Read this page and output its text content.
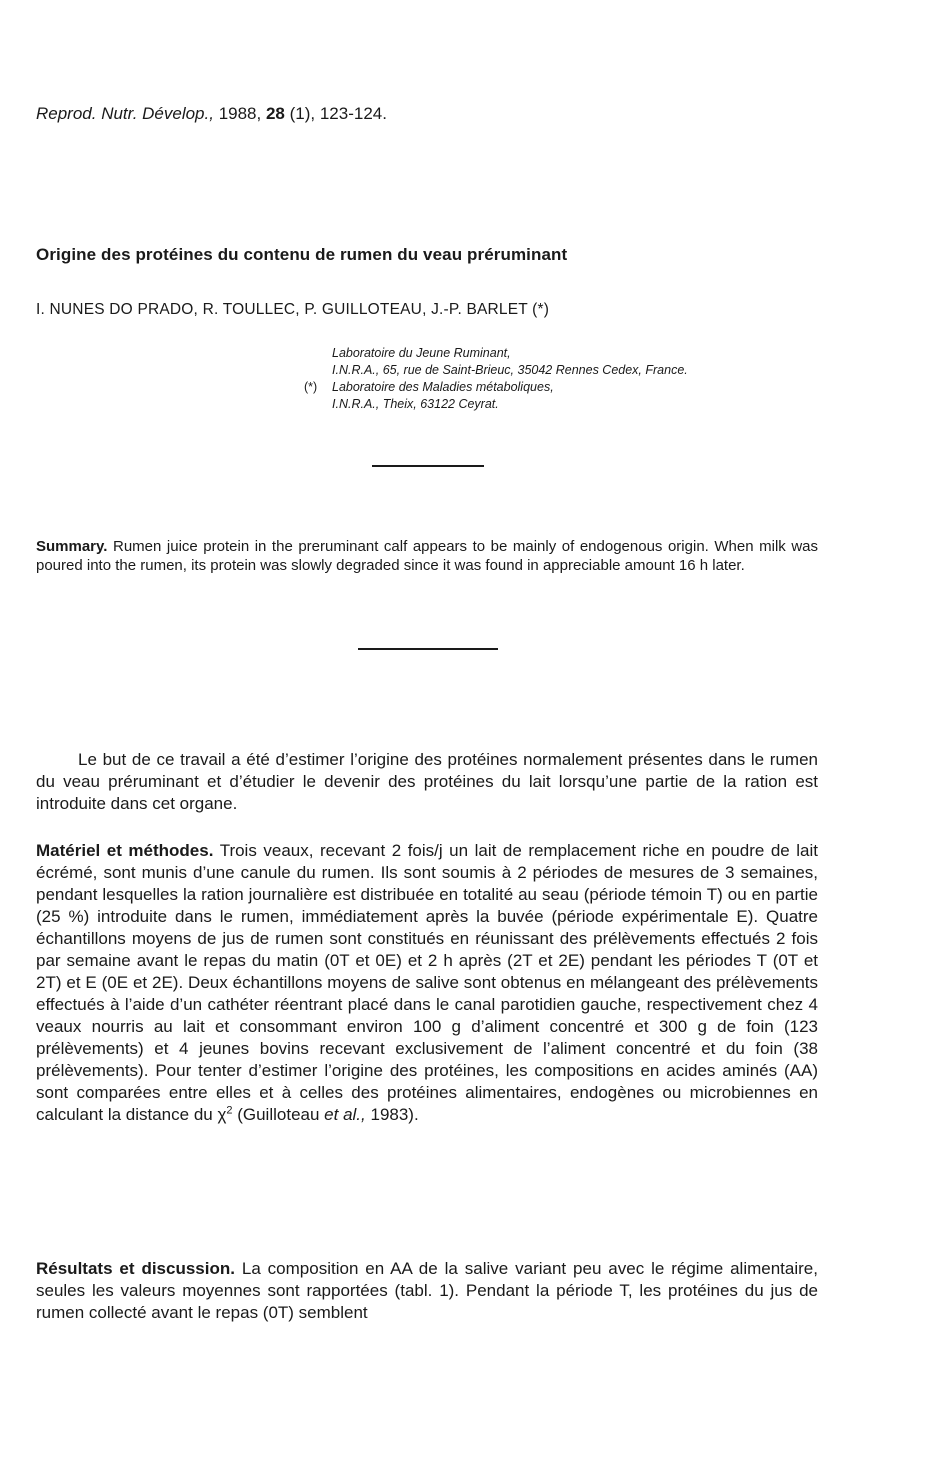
Reprod. Nutr. Dévelop., 1988, 28 (1), 123-124.
Origine des protéines du contenu de rumen du veau préruminant
I. NUNES DO PRADO, R. TOULLEC, P. GUILLOTEAU, J.-P. BARLET (*)
Laboratoire du Jeune Ruminant,
I.N.R.A., 65, rue de Saint-Brieuc, 35042 Rennes Cedex, France.
(*)	Laboratoire des Maladies métaboliques,
I.N.R.A., Theix, 63122 Ceyrat.
Summary. Rumen juice protein in the preruminant calf appears to be mainly of endogenous origin. When milk was poured into the rumen, its protein was slowly degraded since it was found in appreciable amount 16 h later.
Le but de ce travail a été d’estimer l’origine des protéines normalement présentes dans le rumen du veau préruminant et d’étudier le devenir des protéines du lait lorsqu’une partie de la ration est introduite dans cet organe.
Matériel et méthodes. Trois veaux, recevant 2 fois/j un lait de remplacement riche en poudre de lait écrémé, sont munis d’une canule du rumen. Ils sont soumis à 2 périodes de mesures de 3 semaines, pendant lesquelles la ration journalière est distribuée en totalité au seau (période témoin T) ou en partie (25 %) introduite dans le rumen, immédiatement après la buvée (période expérimentale E). Quatre échantillons moyens de jus de rumen sont constitués en réunissant des prélèvements effectués 2 fois par semaine avant le repas du matin (0T et 0E) et 2 h après (2T et 2E) pendant les périodes T (0T et 2T) et E (0E et 2E). Deux échantillons moyens de salive sont obtenus en mélangeant des prélèvements effectués à l’aide d’un cathéter réentrant placé dans le canal parotidien gauche, respectivement chez 4 veaux nourris au lait et consommant environ 100 g d’aliment concentré et 300 g de foin (123 prélèvements) et 4 jeunes bovins recevant exclusivement de l’aliment concentré et du foin (38 prélèvements). Pour tenter d’estimer l’origine des protéines, les compositions en acides aminés (AA) sont comparées entre elles et à celles des protéines alimentaires, endogènes ou microbiennes en calculant la distance du $\chi^2$ (Guilloteau et al., 1983).
Résultats et discussion. La composition en AA de la salive variant peu avec le régime alimentaire, seules les valeurs moyennes sont rapportées (tabl. 1). Pendant la période T, les protéines du jus de rumen collecté avant le repas (0T) semblent
